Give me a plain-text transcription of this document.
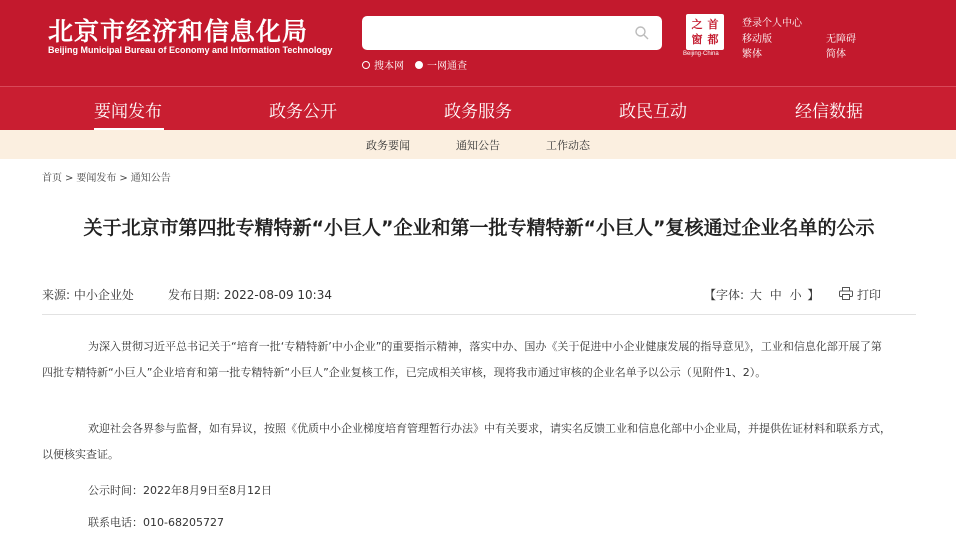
北京市经济和信息化局
Beijing Municipal Bureau of Economy and Information Technology
搜本网 一网通查
之 首
窗 都
Beijing·China
登录个人中心
移动版	无障碍
繁体	简体
要闻发布	政务公开	政务服务	政民互动	经信数据
政务要闻	通知公告	工作动态
首页 > 要闻发布 > 通知公告
关于北京市第四批专精特新“小巨人”企业和第一批专精特新“小巨人”复核通过企业名单的公示
来源: 中小企业处	发布日期: 2022-08-09 10:34	【字体: 大 中 小 】	打印
为深入贯彻习近平总书记关于“培育一批‘专精特新’中小企业”的重要指示精神，落实中办、国办《关于促进中小企业健康发展的指导意见》，工业和信息化部开展了第四批专精特新“小巨人”企业培育和第一批专精特新“小巨人”企业复核工作，已完成相关审核，现将我市通过审核的企业名单予以公示（见附件1、2）。
欢迎社会各界参与监督，如有异议，按照《优质中小企业梯度培育管理暂行办法》中有关要求，请实名反馈工业和信息化部中小企业局，并提供佐证材料和联系方式，以便核实查证。
公示时间：2022年8月9日至8月12日
联系电话：010-68205727
